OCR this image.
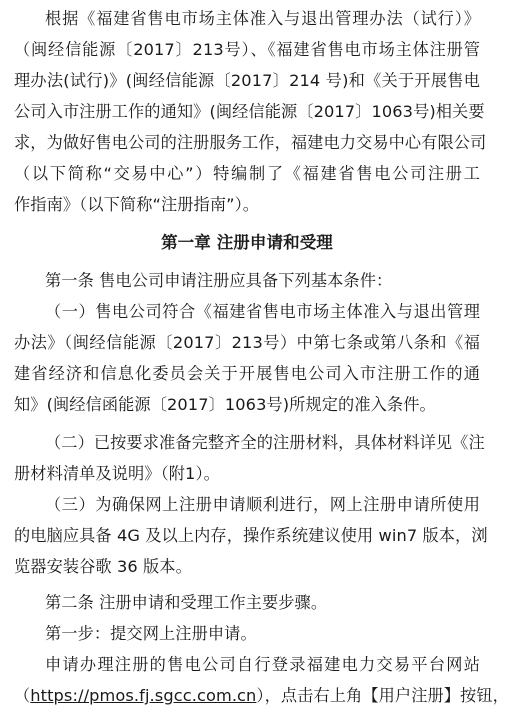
根据《福建省售电市场主体准入与退出管理办法（试行）》
（闽经信能源〔2017〕213号）、《福建省售电市场主体注册管
理办法(试行)》(闽经信能源〔2017〕214 号)和《关于开展售电
公司入市注册工作的通知》(闽经信能源〔2017〕1063号)相关要
求，为做好售电公司的注册服务工作，福建电力交易中心有限公司
（以下简称“交易中心”）特编制了《福建省售电公司注册工
作指南》（以下简称“注册指南”）。
第一章 注册申请和受理
第一条 售电公司申请注册应具备下列基本条件：
（一）售电公司符合《福建省售电市场主体准入与退出管理
办法》（闽经信能源〔2017〕213号）中第七条或第八条和《福
建省经济和信息化委员会关于开展售电公司入市注册工作的通
知》(闽经信函能源〔2017〕1063号)所规定的准入条件。
（二）已按要求准备完整齐全的注册材料，具体材料详见《注
册材料清单及说明》（附1）。
（三）为确保网上注册申请顺利进行，网上注册申请所使用
的电脑应具备 4G 及以上内存，操作系统建议使用 win7 版本，浏
览器安装谷歌 36 版本。
第二条 注册申请和受理工作主要步骤。
第一步：提交网上注册申请。
申请办理注册的售电公司自行登录福建电力交易平台网站
（https://pmos.fj.sgcc.com.cn），点击右上角【用户注册】按钮，
